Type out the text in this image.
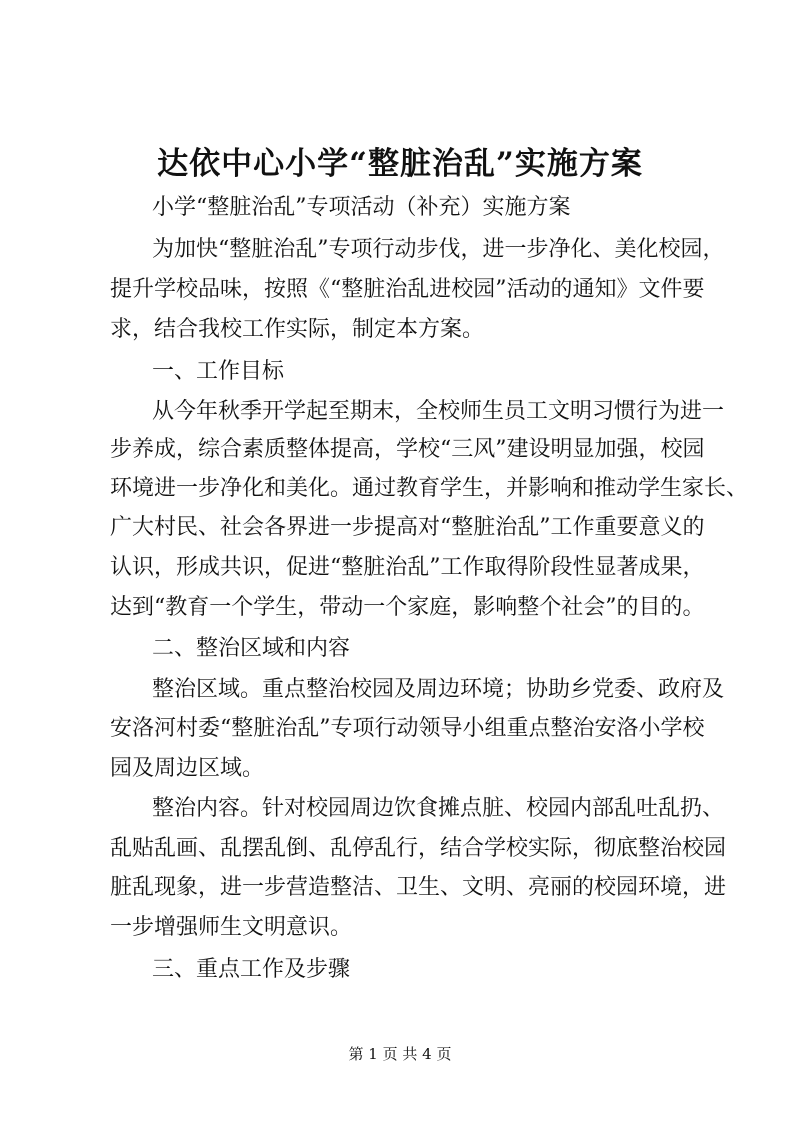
达依中心小学“整脏治乱”实施方案
小学“整脏治乱”专项活动（补充）实施方案
为加快“整脏治乱”专项行动步伐，进一步净化、美化校园，
提升学校品味，按照《“整脏治乱进校园”活动的通知》文件要
求，结合我校工作实际，制定本方案。
一、工作目标
从今年秋季开学起至期末，全校师生员工文明习惯行为进一
步养成，综合素质整体提高，学校“三风”建设明显加强，校园
环境进一步净化和美化。通过教育学生，并影响和推动学生家长、
广大村民、社会各界进一步提高对“整脏治乱”工作重要意义的
认识，形成共识，促进“整脏治乱”工作取得阶段性显著成果，
达到“教育一个学生，带动一个家庭，影响整个社会”的目的。
二、整治区域和内容
整治区域。重点整治校园及周边环境；协助乡党委、政府及
安洛河村委“整脏治乱”专项行动领导小组重点整治安洛小学校
园及周边区域。
整治内容。针对校园周边饮食摊点脏、校园内部乱吐乱扔、
乱贴乱画、乱摆乱倒、乱停乱行，结合学校实际，彻底整治校园
脏乱现象，进一步营造整洁、卫生、文明、亮丽的校园环境，进
一步增强师生文明意识。
三、重点工作及步骤
第 1 页 共 4 页
